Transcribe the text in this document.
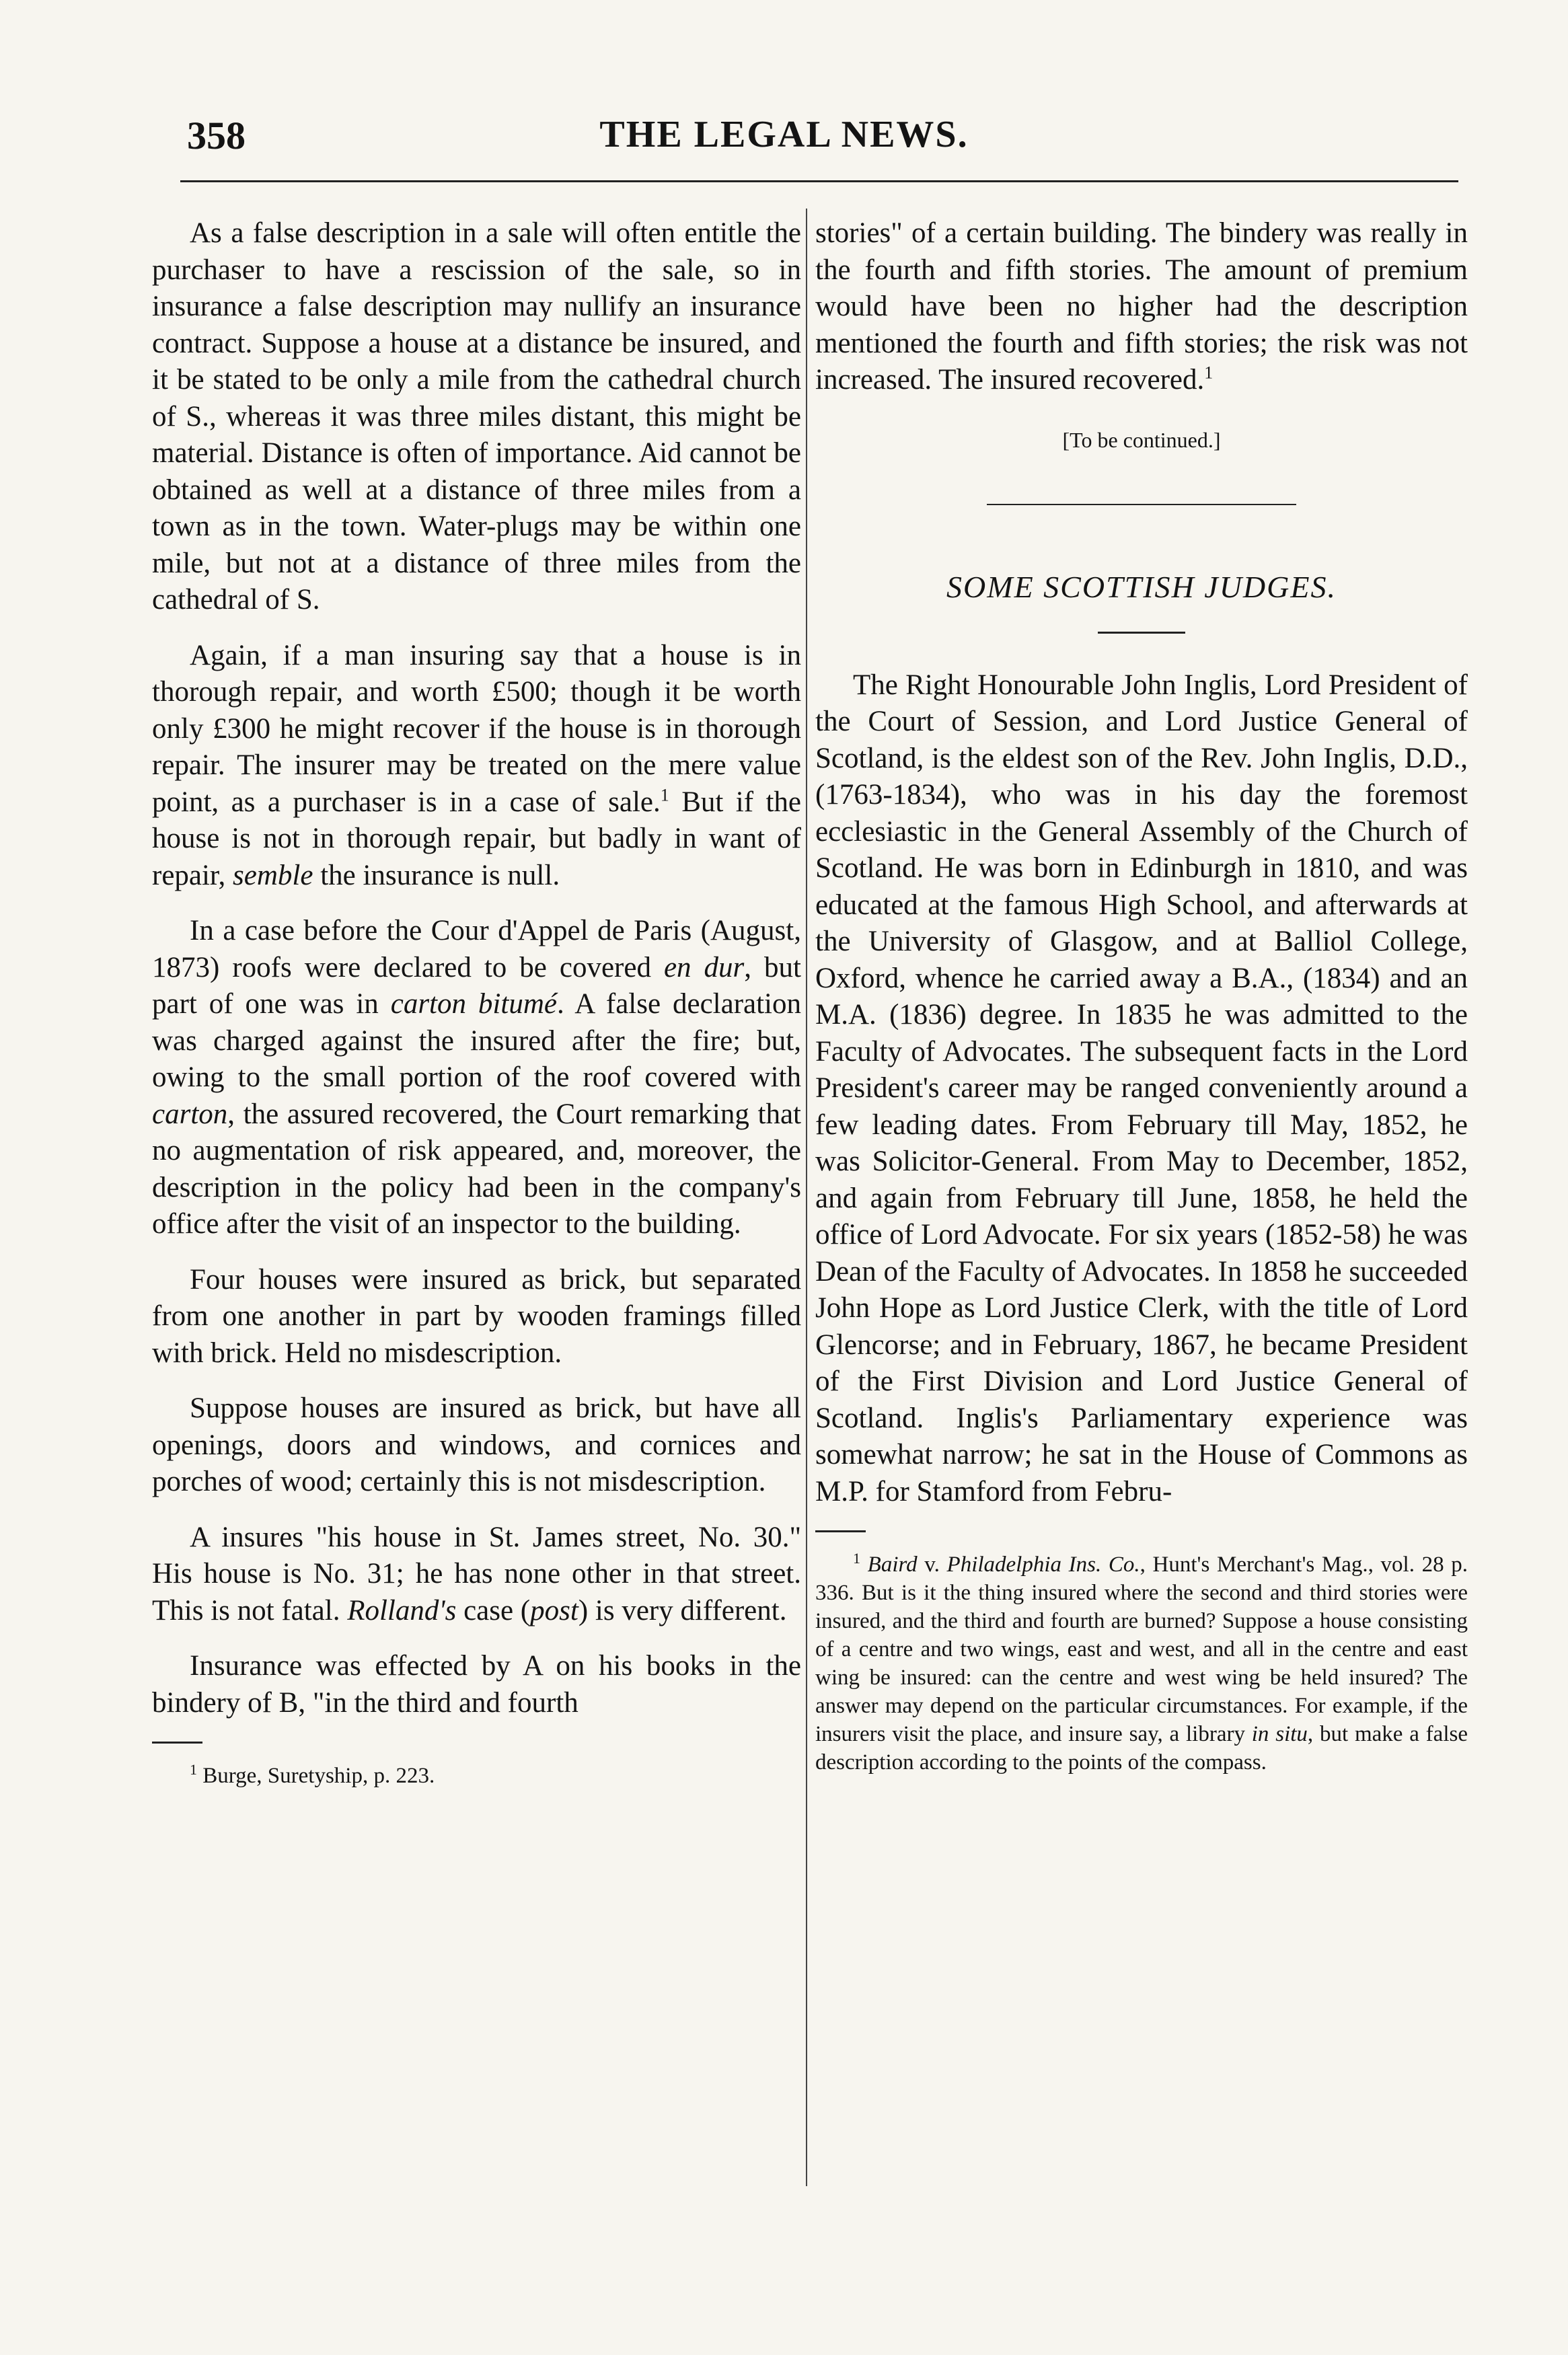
358	THE LEGAL NEWS.

As a false description in a sale will often entitle the purchaser to have a rescission of the sale, so in insurance a false description may nullify an insurance contract. Suppose a house at a distance be insured, and it be stated to be only a mile from the cathedral church of S., whereas it was three miles distant, this might be material. Distance is often of importance. Aid cannot be obtained as well at a distance of three miles from a town as in the town. Water-plugs may be within one mile, but not at a distance of three miles from the cathedral of S.

Again, if a man insuring say that a house is in thorough repair, and worth £500; though it be worth only £300 he might recover if the house is in thorough repair. The insurer may be treated on the mere value point, as a purchaser is in a case of sale.$^1$ But if the house is not in thorough repair, but badly in want of repair, semble the insurance is null.

In a case before the Cour d'Appel de Paris (August, 1873) roofs were declared to be covered en dur, but part of one was in carton bitumé. A false declaration was charged against the insured after the fire; but, owing to the small portion of the roof covered with carton, the assured recovered, the Court remarking that no augmentation of risk appeared, and, moreover, the description in the policy had been in the company's office after the visit of an inspector to the building.

Four houses were insured as brick, but separated from one another in part by wooden framings filled with brick. Held no misdescription.

Suppose houses are insured as brick, but have all openings, doors and windows, and cornices and porches of wood; certainly this is not misdescription.

A insures "his house in St. James street, No. 30." His house is No. 31; he has none other in that street. This is not fatal. Rolland's case (post) is very different.

Insurance was effected by A on his books in the bindery of B, "in the third and fourth

$^1$ Burge, Suretyship, p. 223.

stories" of a certain building. The bindery was really in the fourth and fifth stories. The amount of premium would have been no higher had the description mentioned the fourth and fifth stories; the risk was not increased. The insured recovered.$^1$

[To be continued.]
SOME SCOTTISH JUDGES.

The Right Honourable John Inglis, Lord President of the Court of Session, and Lord Justice General of Scotland, is the eldest son of the Rev. John Inglis, D.D., (1763-1834), who was in his day the foremost ecclesiastic in the General Assembly of the Church of Scotland. He was born in Edinburgh in 1810, and was educated at the famous High School, and afterwards at the University of Glasgow, and at Balliol College, Oxford, whence he carried away a B.A., (1834) and an M.A. (1836) degree. In 1835 he was admitted to the Faculty of Advocates. The subsequent facts in the Lord President's career may be ranged conveniently around a few leading dates. From February till May, 1852, he was Solicitor-General. From May to December, 1852, and again from February till June, 1858, he held the office of Lord Advocate. For six years (1852-58) he was Dean of the Faculty of Advocates. In 1858 he succeeded John Hope as Lord Justice Clerk, with the title of Lord Glencorse; and in February, 1867, he became President of the First Division and Lord Justice General of Scotland. Inglis's Parliamentary experience was somewhat narrow; he sat in the House of Commons as M.P. for Stamford from Febru-

$^1$ Baird v. Philadelphia Ins. Co., Hunt's Merchant's Mag., vol. 28 p. 336. But is it the thing insured where the second and third stories were insured, and the third and fourth are burned? Suppose a house consisting of a centre and two wings, east and west, and all in the centre and east wing be insured: can the centre and west wing be held insured? The answer may depend on the particular circumstances. For example, if the insurers visit the place, and insure say, a library in situ, but make a false description according to the points of the compass.
